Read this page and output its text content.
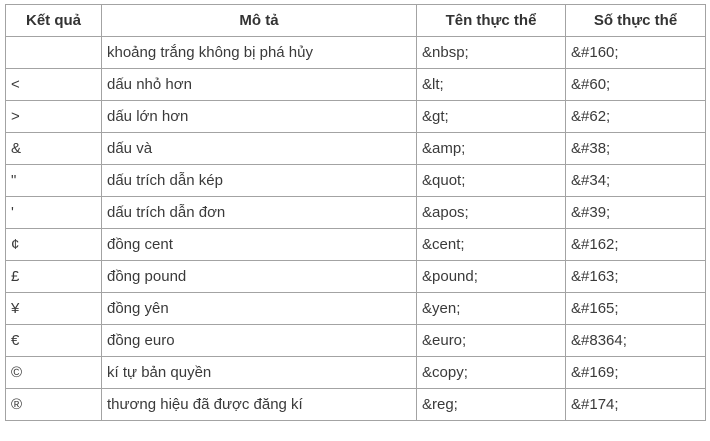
Kết quả	Mô tả	Tên thực thể	Số thực thể
	khoảng trắng không bị phá hủy	&nbsp;	&#160;
<	dấu nhỏ hơn	&lt;	&#60;
>	dấu lớn hơn	&gt;	&#62;
&	dấu và	&amp;	&#38;
"	dấu trích dẫn kép	&quot;	&#34;
'	dấu trích dẫn đơn	&apos;	&#39;
¢	đồng cent	&cent;	&#162;
£	đồng pound	&pound;	&#163;
¥	đồng yên	&yen;	&#165;
€	đồng euro	&euro;	&#8364;
©	kí tự bản quyền	&copy;	&#169;
®	thương hiệu đã được đăng kí	&reg;	&#174;
